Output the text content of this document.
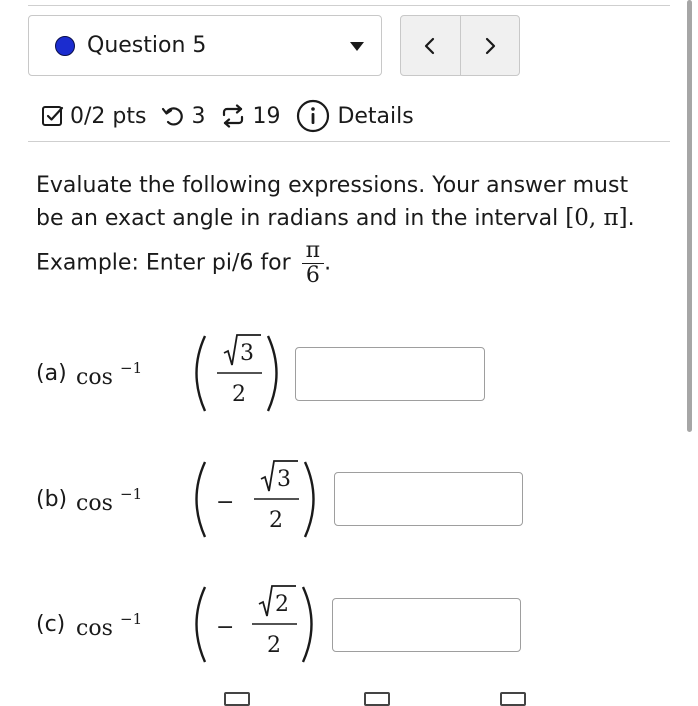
Question 5
0/2 pts 3 19	Details
Evaluate the following expressions. Your answer must
be an exact angle in radians and in the interval [0, π].
Example: Enter pi/6 for $\frac{\pi}{6}$ .
(a) cos −1
3
2
(b) cos −1	−
3
2
(c) cos −1	−
2
2
